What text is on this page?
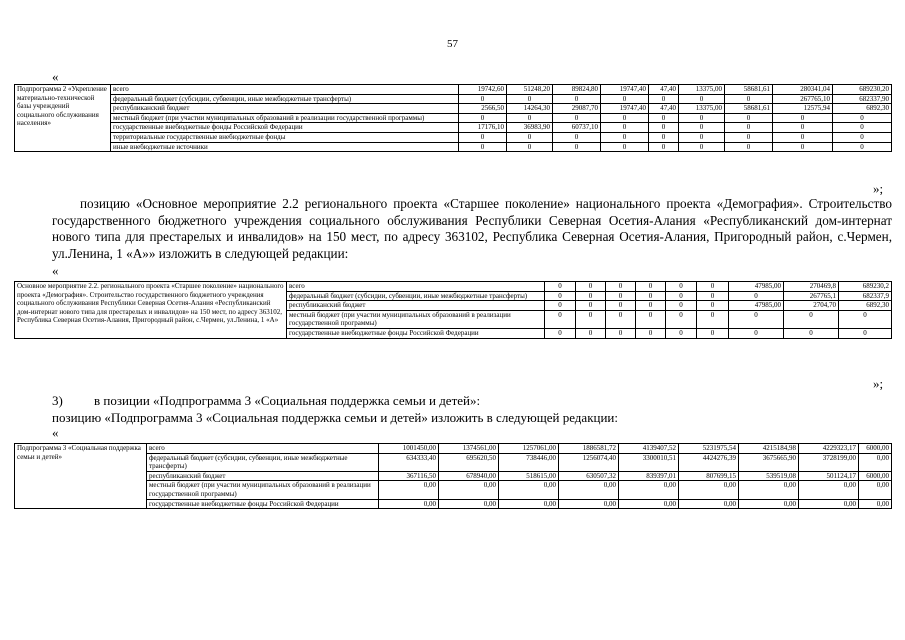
57
«
Подпрограмма 2 «Укрепление материально-технической базы учреждений социального обслуживания населения»	всего	19742,60	51248,20	89824,80	19747,40	47,40	13375,00	58681,61	280341,04	689230,20
	федеральный бюджет (субсидии, субвенции, иные межбюджетные трансферты)	0	0	0	0	0	0	0	267765,10	682337,90
	республиканский бюджет	2566,50	14264,30	29087,70	19747,40	47,40	13375,00	58681,61	12575,94	6892,30
	местный бюджет (при участии муниципальных образований в реализации государственной программы)	0	0	0	0	0	0	0	0	0
	государственные внебюджетные фонды Российской Федерации	17176,10	36983,90	60737,10	0	0	0	0	0	0
	территориальные государственные внебюджетные фонды	0	0	0	0	0	0	0	0	0
	иные внебюджетные источники	0	0	0	0	0	0	0	0	0
»;
позицию «Основное мероприятие 2.2 регионального проекта «Старшее поколение» национального проекта «Демография». Строительство государственного бюджетного учреждения социального обслуживания Республики Северная Осетия-Алания «Республиканский дом-интернат нового типа для престарелых и инвалидов» на 150 мест, по адресу 363102, Республика Северная Осетия-Алания, Пригородный район, с.Чермен, ул.Ленина, 1 «А»» изложить в следующей редакции:
«
Основное мероприятие 2.2. регионального проекта «Старшее поколение» национального проекта «Демография». Строительство государственного бюджетного учреждения социального обслуживания Республики Северная Осетия-Алания «Республиканский дом-интернат нового типа для престарелых и инвалидов» на 150 мест, по адресу 363102, Республика Северная Осетия-Алания, Пригородный район, с.Чермен, ул.Ленина, 1 «А»	всего	0	0	0	0	0	0	47985,00	270469,8	689230,2
	федеральный бюджет (субсидии, субвенции, иные межбюджетные трансферты)	0	0	0	0	0	0	0	267765,1	682337,9
	республиканский бюджет	0	0	0	0	0	0	47985,00	2704,70	6892,30
	местный бюджет (при участии муниципальных образований в реализации государственной программы)	0	0	0	0	0	0	0	0	0
	государственные внебюджетные фонды Российской Федерации	0	0	0	0	0	0	0	0	0
»;
3) в позиции «Подпрограмма 3 «Социальная поддержка семьи и детей»:
позицию «Подпрограмма 3 «Социальная поддержка семьи и детей» изложить в следующей редакции:
«
Подпрограмма 3 «Социальная поддержка семьи и детей»	всего	1001450,00	1374561,00	1257061,00	1886581,72	4139407,52	5231975,54	4215184,98	4229323,17	6000,00
	федеральный бюджет (субсидии, субвенции, иные межбюджетные трансферты)	634333,40	695620,50	738446,00	1256074,40	3300010,51	4424276,39	3675665,90	3728199,00	0,00
	республиканский бюджет	367116,50	678940,00	518615,00	630507,32	839397,01	807699,15	539519,08	501124,17	6000,00
	местный бюджет (при участии муниципальных образований в реализации государственной программы)	0,00	0,00	0,00	0,00	0,00	0,00	0,00	0,00	0,00
	государственные внебюджетные фонды Российской Федерации	0,00	0,00	0,00	0,00	0,00	0,00	0,00	0,00	0,00
